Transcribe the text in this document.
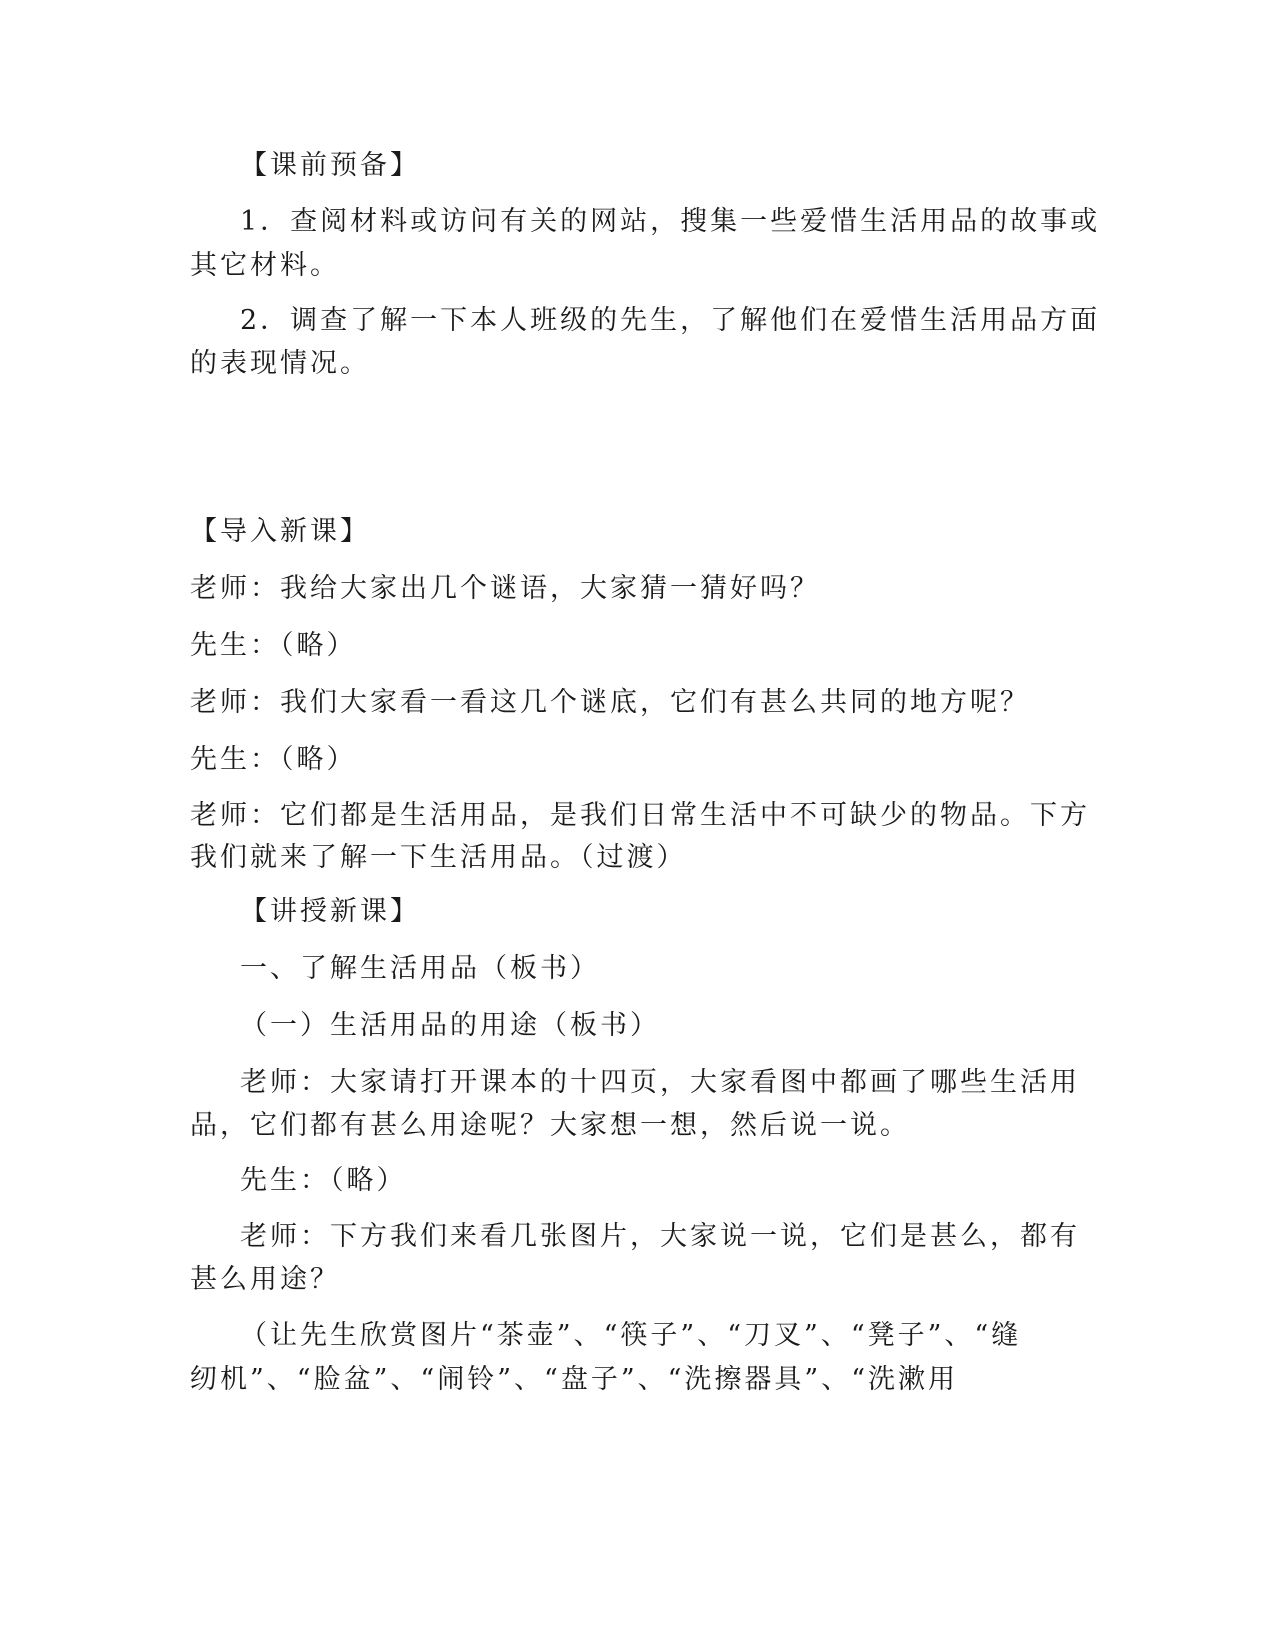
【课前预备】

1．查阅材料或访问有关的网站，搜集一些爱惜生活用品的故事或

其它材料。

2．调查了解一下本人班级的先生，了解他们在爱惜生活用品方面

的表现情况。

【导入新课】

老师：我给大家出几个谜语，大家猜一猜好吗？

先生：（略）

老师：我们大家看一看这几个谜底，它们有甚么共同的地方呢？

先生：（略）

老师：它们都是生活用品，是我们日常生活中不可缺少的物品。下方

我们就来了解一下生活用品。（过渡）

【讲授新课】

一、了解生活用品（板书）

（一）生活用品的用途（板书）

老师：大家请打开课本的十四页，大家看图中都画了哪些生活用

品，它们都有甚么用途呢？大家想一想，然后说一说。

先生：（略）

老师：下方我们来看几张图片，大家说一说，它们是甚么，都有

甚么用途？

（让先生欣赏图片“茶壶”、“筷子”、“刀叉”、“凳子”、“缝

纫机”、“脸盆”、“闹铃”、“盘子”、“洗擦器具”、“洗漱用
